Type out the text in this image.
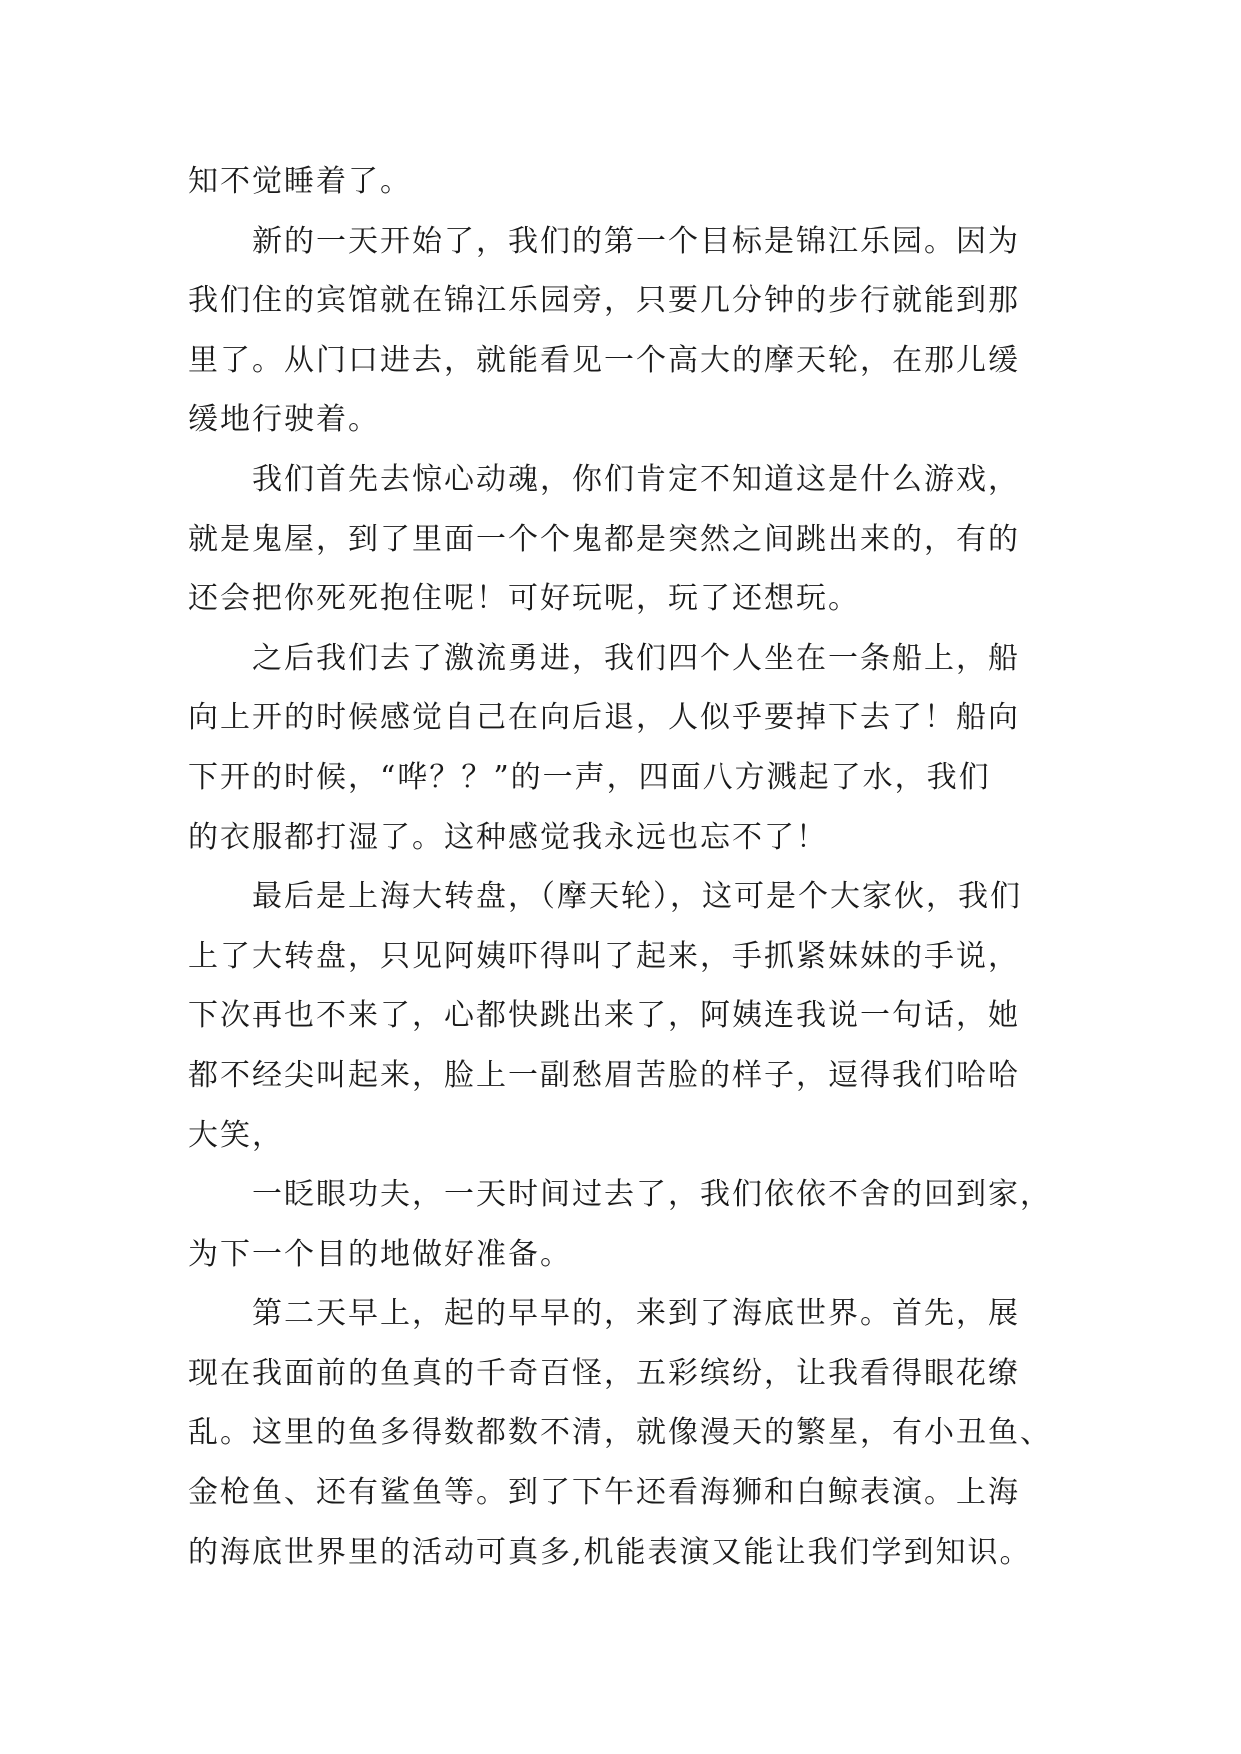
知不觉睡着了。
新的一天开始了，我们的第一个目标是锦江乐园。因为
我们住的宾馆就在锦江乐园旁，只要几分钟的步行就能到那
里了。从门口进去，就能看见一个高大的摩天轮，在那儿缓
缓地行驶着。
我们首先去惊心动魂，你们肯定不知道这是什么游戏，
就是鬼屋，到了里面一个个鬼都是突然之间跳出来的，有的
还会把你死死抱住呢！可好玩呢，玩了还想玩。
之后我们去了激流勇进，我们四个人坐在一条船上，船
向上开的时候感觉自己在向后退，人似乎要掉下去了！船向
下开的时候，“哗？？”的一声，四面八方溅起了水，我们
的衣服都打湿了。这种感觉我永远也忘不了！
最后是上海大转盘，（摩天轮），这可是个大家伙，我们
上了大转盘，只见阿姨吓得叫了起来，手抓紧妹妹的手说，
下次再也不来了，心都快跳出来了，阿姨连我说一句话，她
都不经尖叫起来，脸上一副愁眉苦脸的样子，逗得我们哈哈
大笑，
一眨眼功夫，一天时间过去了，我们依依不舍的回到家，
为下一个目的地做好准备。
第二天早上，起的早早的，来到了海底世界。首先，展
现在我面前的鱼真的千奇百怪，五彩缤纷，让我看得眼花缭
乱。这里的鱼多得数都数不清，就像漫天的繁星，有小丑鱼、
金枪鱼、还有鲨鱼等。到了下午还看海狮和白鲸表演。上海
的海底世界里的活动可真多,机能表演又能让我们学到知识。
